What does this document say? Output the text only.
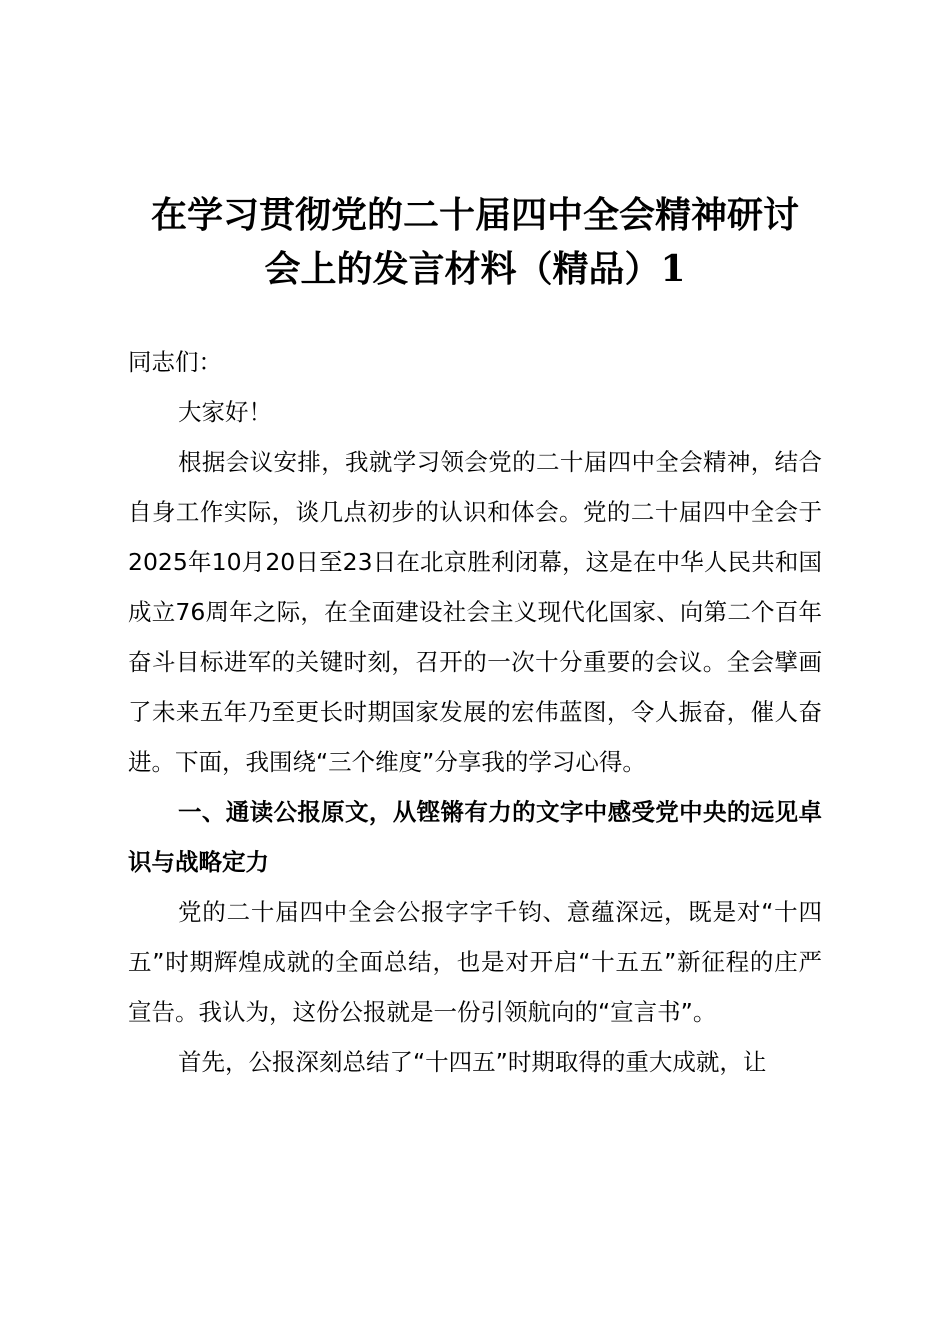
在学习贯彻党的二十届四中全会精神研讨
会上的发言材料（精品）1

同志们：

大家好！

根据会议安排，我就学习领会党的二十届四中全会精神，结合自身工作实际，谈几点初步的认识和体会。党的二十届四中全会于2025年10月20日至23日在北京胜利闭幕，这是在中华人民共和国成立76周年之际，在全面建设社会主义现代化国家、向第二个百年奋斗目标进军的关键时刻，召开的一次十分重要的会议。全会擘画了未来五年乃至更长时期国家发展的宏伟蓝图，令人振奋，催人奋进。下面，我围绕“三个维度”分享我的学习心得。

一、通读公报原文，从铿锵有力的文字中感受党中央的远见卓识与战略定力

党的二十届四中全会公报字字千钧、意蕴深远，既是对“十四五”时期辉煌成就的全面总结，也是对开启“十五五”新征程的庄严宣告。我认为，这份公报就是一份引领航向的“宣言书”。

首先，公报深刻总结了“十四五”时期取得的重大成就，让
